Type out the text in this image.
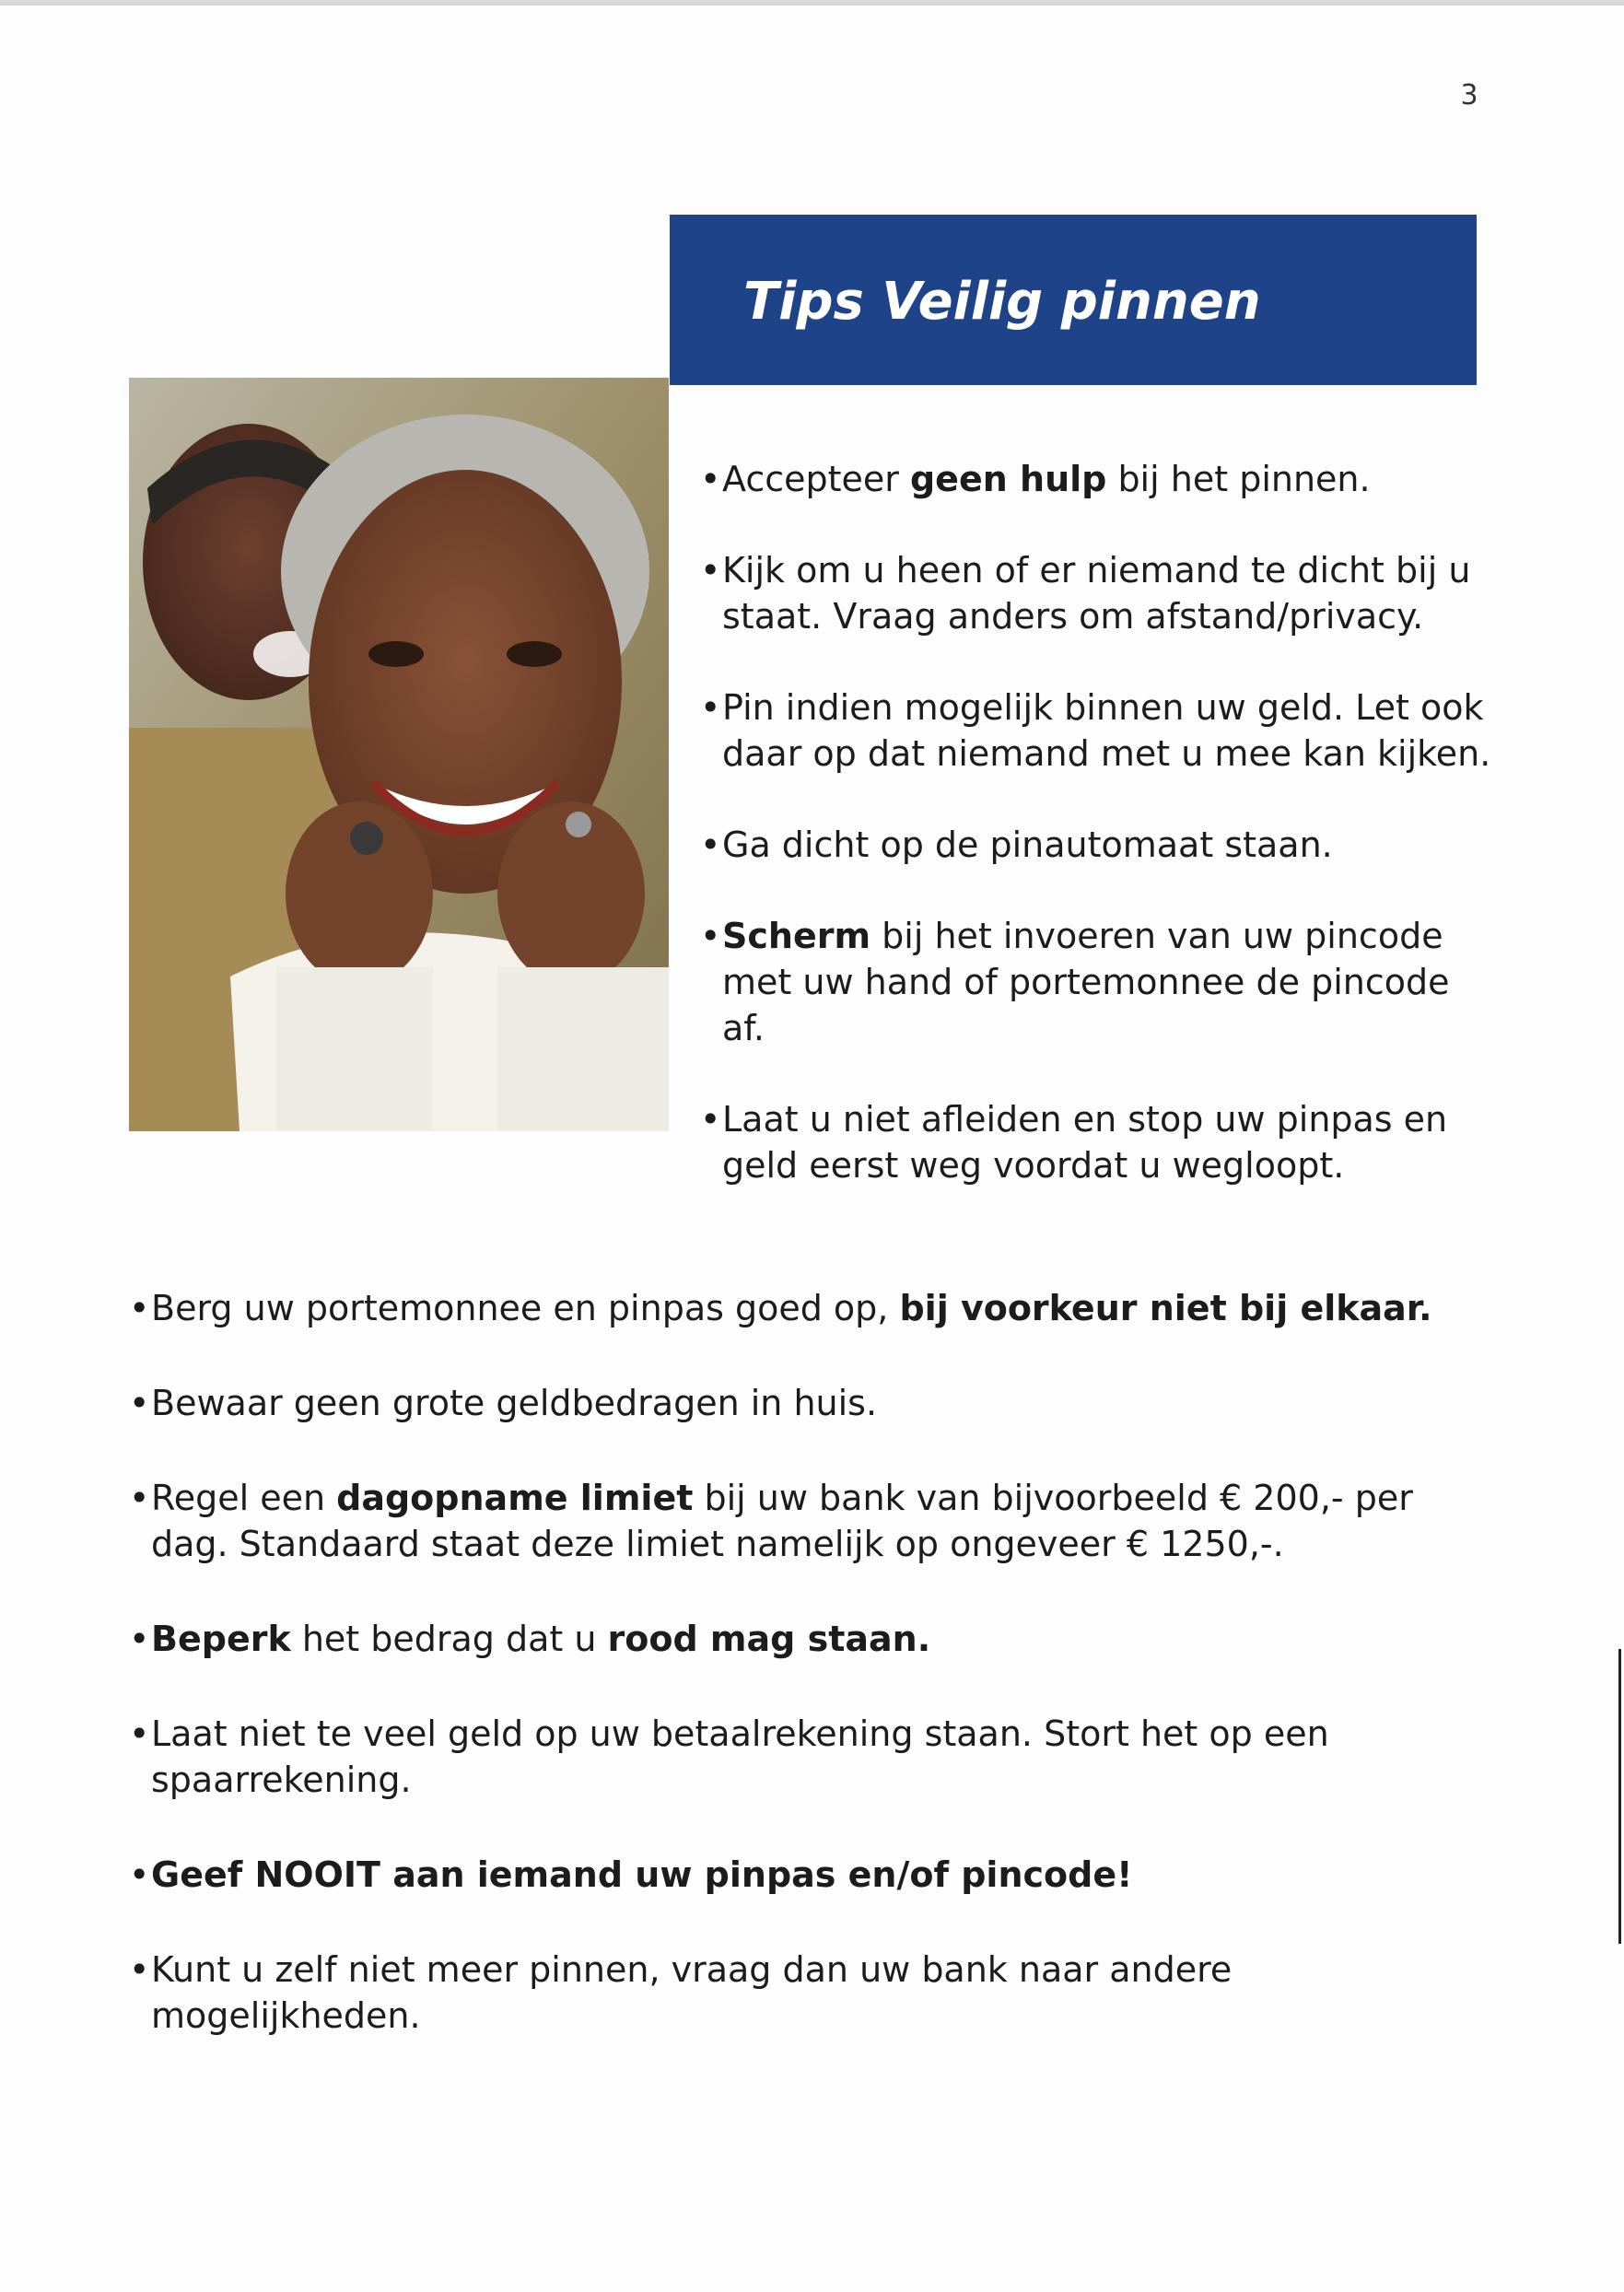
3
Tips Veilig pinnen
• Accepteer geen hulp bij het pinnen.
• Kijk om u heen of er niemand te dicht bij u staat. Vraag anders om afstand/privacy.
• Pin indien mogelijk binnen uw geld. Let ook daar op dat niemand met u mee kan kijken.
• Ga dicht op de pinautomaat staan.
• Scherm bij het invoeren van uw pincode met uw hand of portemonnee de pincode af.
• Laat u niet afleiden en stop uw pinpas en geld eerst weg voordat u wegloopt.
• Berg uw portemonnee en pinpas goed op, bij voorkeur niet bij elkaar.
• Bewaar geen grote geldbedragen in huis.
• Regel een dagopname limiet bij uw bank van bijvoorbeeld € 200,- per dag. Standaard staat deze limiet namelijk op ongeveer € 1250,-.
• Beperk het bedrag dat u rood mag staan.
• Laat niet te veel geld op uw betaalrekening staan. Stort het op een spaarrekening.
• Geef NOOIT aan iemand uw pinpas en/of pincode!
• Kunt u zelf niet meer pinnen, vraag dan uw bank naar andere mogelijkheden.
